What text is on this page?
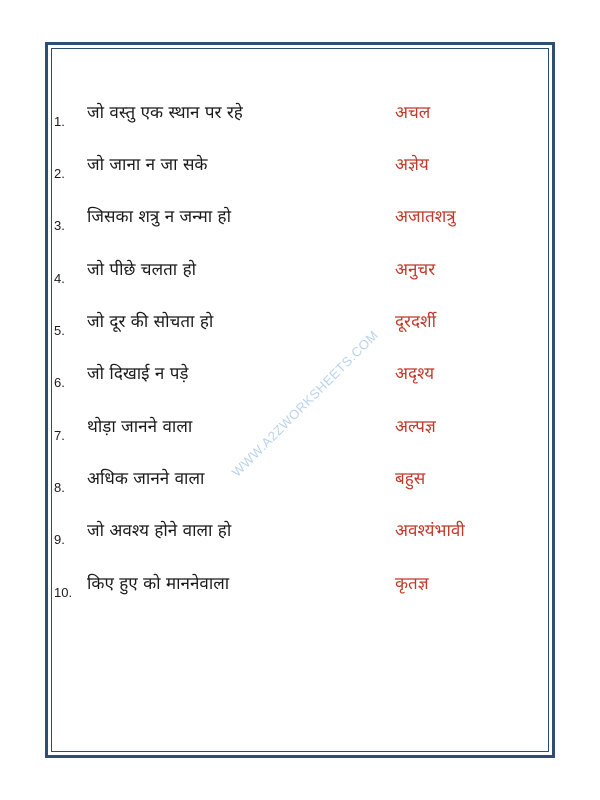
1. जो वस्तु एक स्थान पर रहे	अचल
2. जो जाना न जा सके	अज्ञेय
3. जिसका शत्रु न जन्मा हो	अजातशत्रु
4. जो पीछे चलता हो	अनुचर
5. जो दूर की सोचता हो	दूरदर्शी
6. जो दिखाई न पड़े	अदृश्य
7. थोड़ा जानने वाला	अल्पज्ञ
8. अधिक जानने वाला	बहुस
9. जो अवश्य होने वाला हो	अवश्यंभावी
10. किए हुए को माननेवाला	कृतज्ञ
WWW.A2ZWORKSHEETS.COM
